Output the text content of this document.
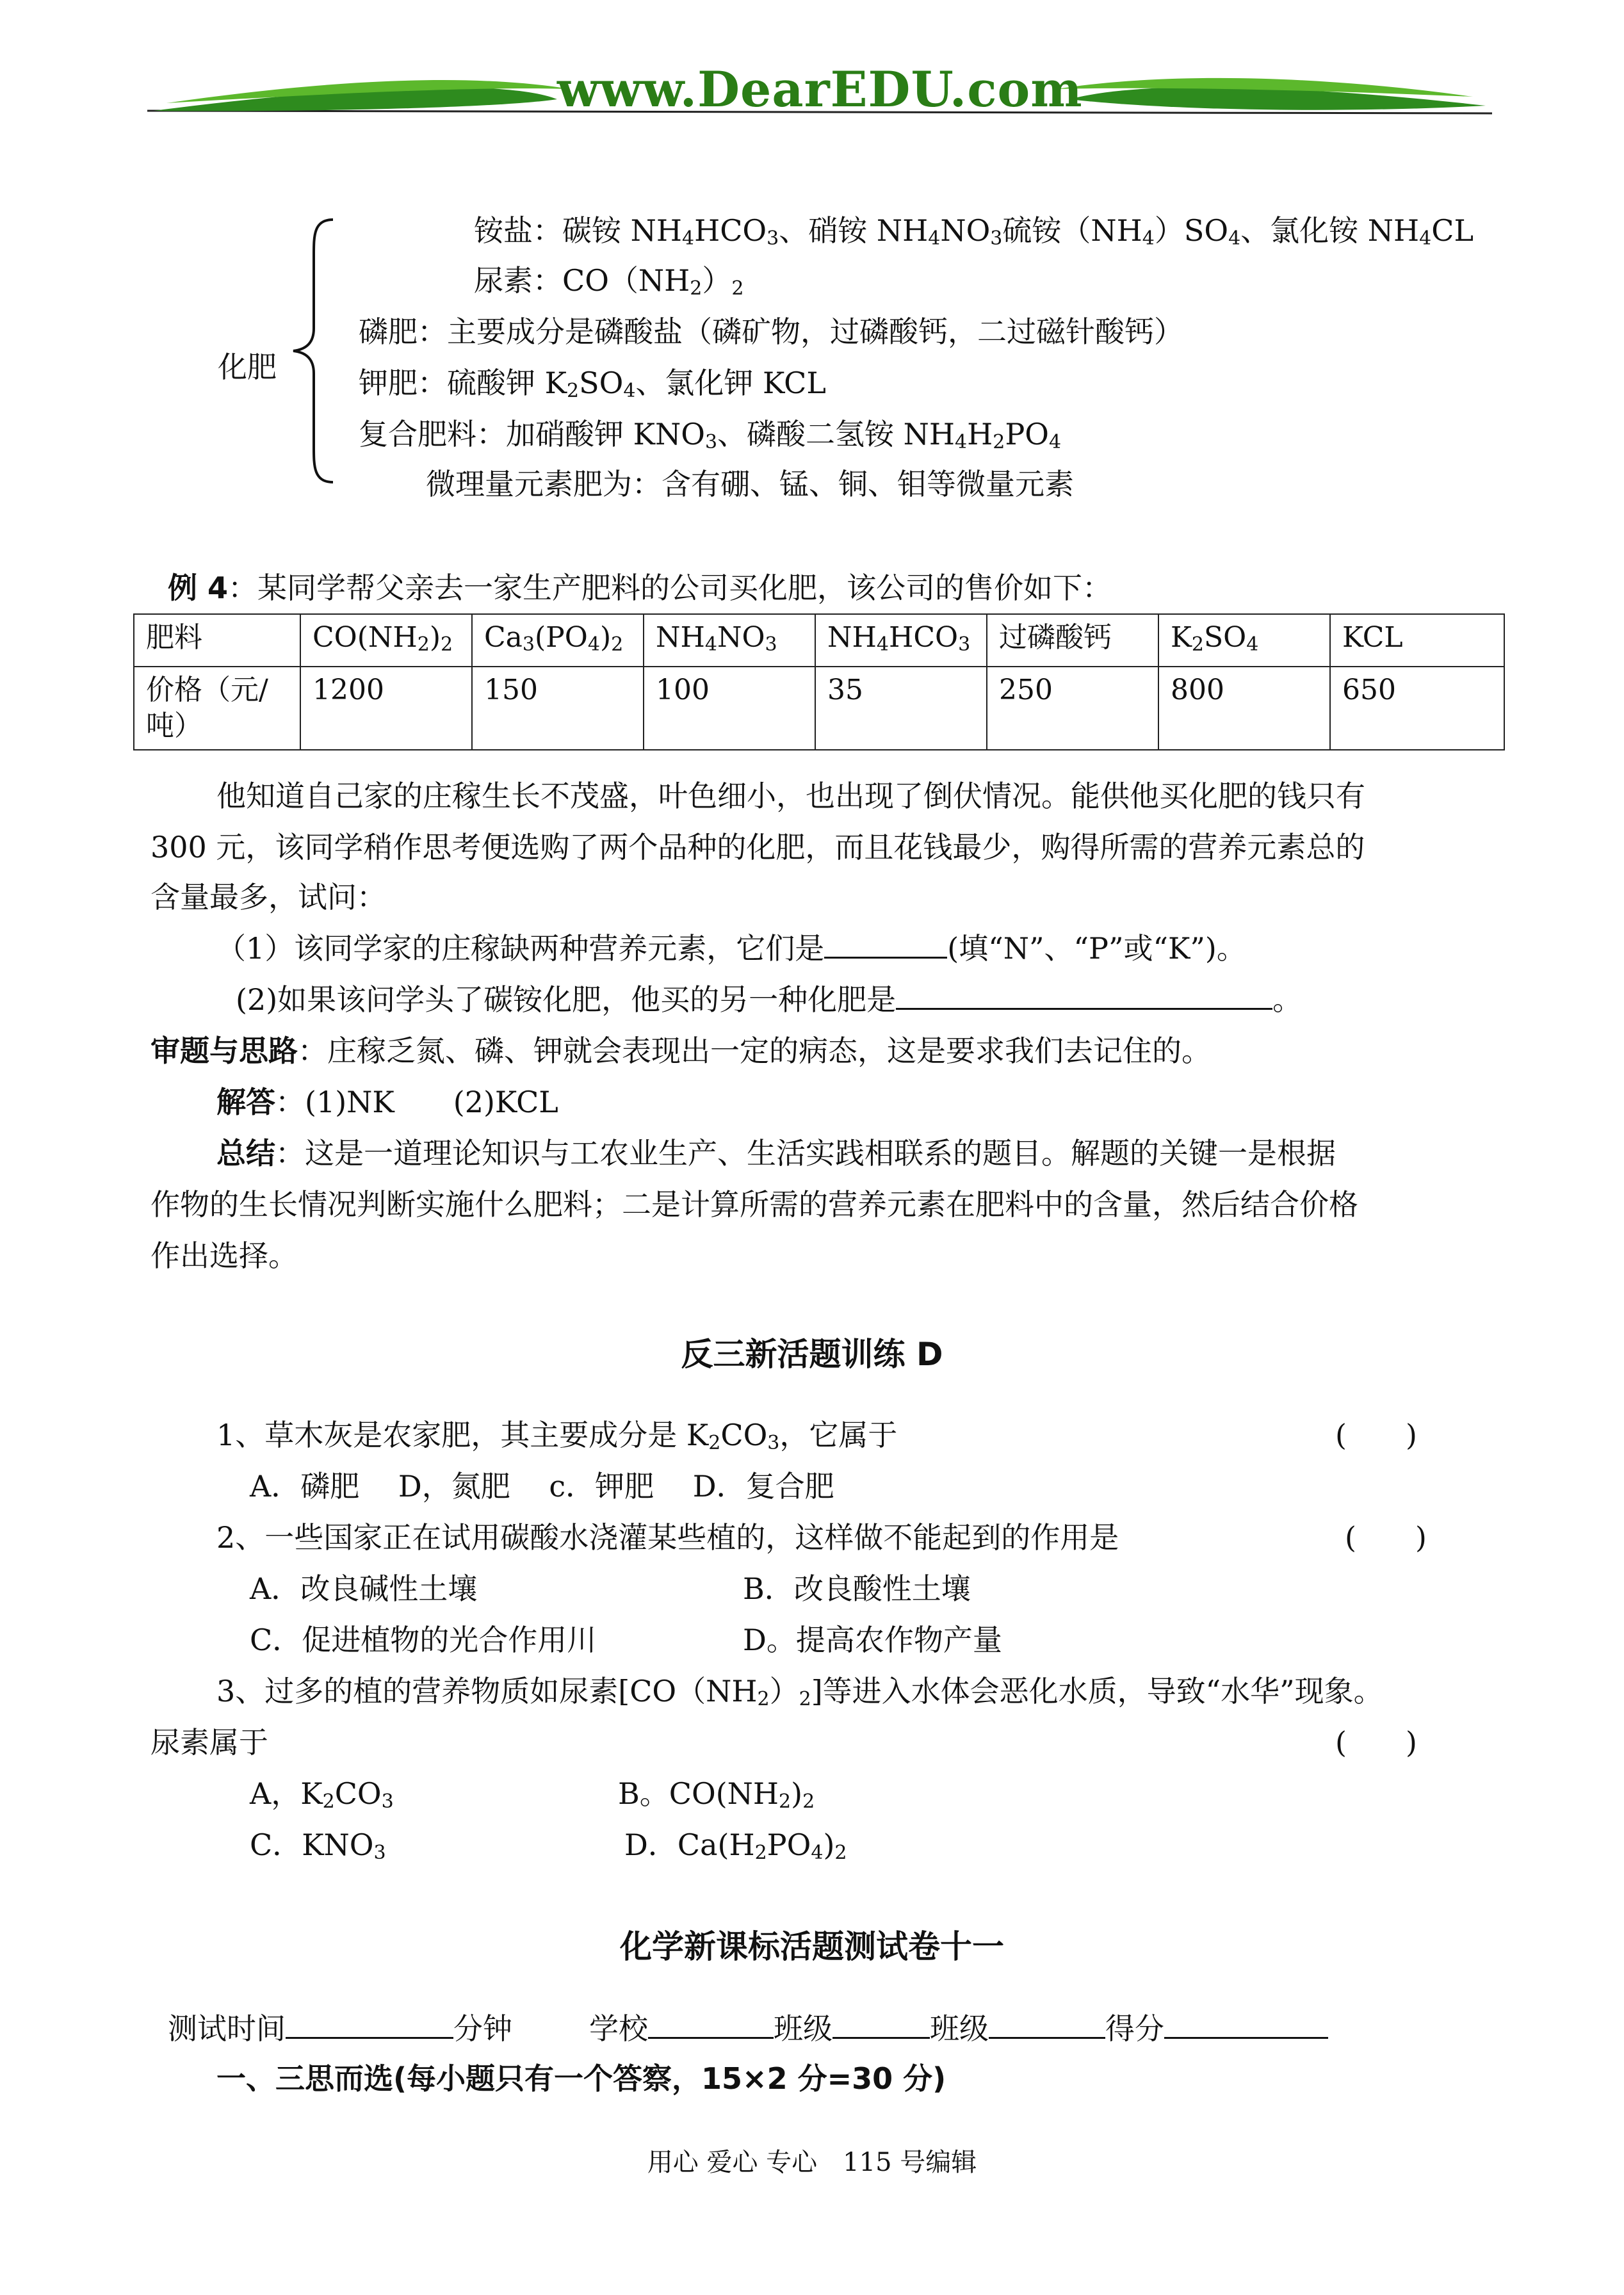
www.DearEDU.com
化肥
铵盐：碳铵 $NH_4HCO_3$、硝铵 $NH_4NO_3$硫铵$(NH_4)SO_4$、氯化铵 $NH_4CL$
尿素：$CO(NH_2)_2$
磷肥：主要成分是磷酸盐（磷矿物，过磷酸钙，二过磁针酸钙）
钾肥：硫酸钾 $K_2SO_4$、氯化钾 KCL
复合肥料：加硝酸钾 $KNO_3$、磷酸二氢铵 $NH_4H_2PO_4$
微理量元素肥为：含有硼、锰、铜、钼等微量元素
例 4：某同学帮父亲去一家生产肥料的公司买化肥，该公司的售价如下：
肥料	$CO(NH_2)_2$	$Ca_3(PO_4)_2$	$NH_4NO_3$	$NH_4HCO_3$	过磷酸钙	$K_2SO_4$	KCL
价格（元/吨）	1200	150	100	35	250	800	650
他知道自己家的庄稼生长不茂盛，叶色细小，也出现了倒伏情况。能供他买化肥的钱只有
300 元，该同学稍作思考便选购了两个品种的化肥，而且花钱最少，购得所需的营养元素总的
含量最多，试问：
（1）该同学家的庄稼缺两种营养元素，它们是	(填“N”、“P”或“K”)。
(2)如果该问学头了碳铵化肥，他买的另一种化肥是	。
审题与思路：庄稼乏氮、磷、钾就会表现出一定的病态，这是要求我们去记住的。
解答：(1)NK　　(2)KCL
总结：这是一道理论知识与工农业生产、生活实践相联系的题目。解题的关键一是根据
作物的生长情况判断实施什么肥料；二是计算所需的营养元素在肥料中的含量，然后结合价格
作出选择。
反三新活题训练 D
1、草木灰是农家肥，其主要成分是 $K_2CO_3$，它属于	(　　)
A．磷肥　 D，氮肥　 c．钾肥　 D．复合肥
2、一些国家正在试用碳酸水浇灌某些植的，这样做不能起到的作用是	(　　)
A．改良碱性土壤	B．改良酸性土壤
C．促进植物的光合作用川	D。提高农作物产量
3、过多的植的营养物质如尿素$[CO(NH_2)_2]$等进入水体会恶化水质，导致“水华”现象。
尿素属于	(　　)
A，$K_2CO_3$	B。$CO(NH_2)_2$
C．$KNO_3$	D．$Ca(H_2PO_4)_2$
化学新课标活题测试卷十一
测试时间	分钟	学校	班级	班级	得分
一、三思而选(每小题只有一个答察，15×2 分=30 分)
用心 爱心 专心　115 号编辑
